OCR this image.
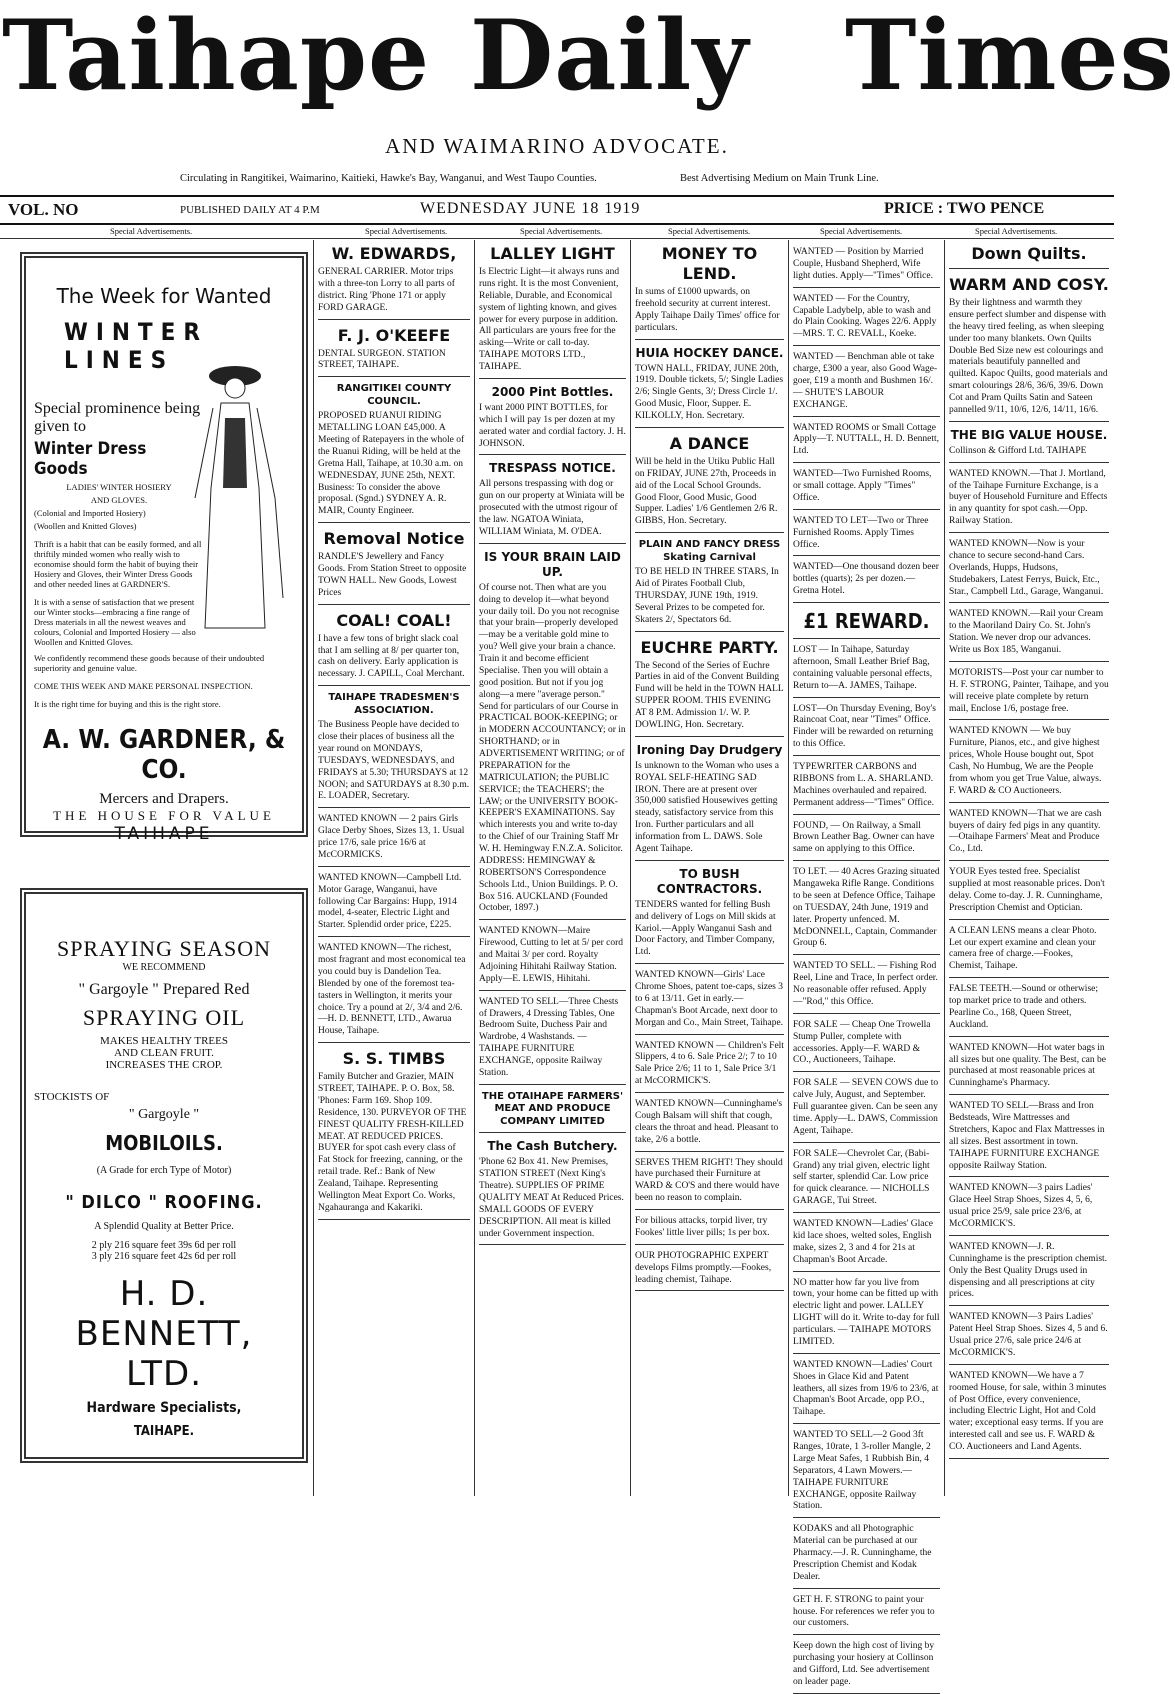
Taihape Daily Times
AND WAIMARINO ADVOCATE.
Circulating in Rangitikei, Waimarino, Kaitieki, Hawke's Bay, Wanganui, and West Taupo Counties.	Best Advertising Medium on Main Trunk Line.
VOL. NO	PUBLISHED DAILY AT 4 P.M	WEDNESDAY JUNE 18 1919	PRICE : TWO PENCE
Special Advertisements.	Special Advertisements.	Special Advertisements.	Special Advertisements.	Special Advertisements.	Special Advertisements.
The Week for Wanted
WINTER LINES

Special prominence being given to

Winter Dress Goods

LADIES' WINTER HOSIERY

AND GLOVES.

(Colonial and Imported Hosiery)

(Woollen and Knitted Gloves)

Thrift is a habit that can be easily formed, and all thriftily minded women who really wish to economise should form the habit of buying their Hosiery and Gloves, their Winter Dress Goods and other needed lines at GARDNER'S.

It is with a sense of satisfaction that we present our Winter stocks—embracing a fine range of Dress materials in all the newest weaves and colours, Colonial and Imported Hosiery — also Woollen and Knitted Gloves.

We confidently recommend these goods because of their undoubted superiority and genuine value.

COME THIS WEEK AND MAKE PERSONAL INSPECTION.

It is the right time for buying and this is the right store.

A. W. GARDNER, & CO.
Mercers and Drapers.
THE HOUSE FOR VALUE
TAIHAPE
SPRAYING SEASON
WE RECOMMEND
" Gargoyle " Prepared Red
SPRAYING OIL
MAKES HEALTHY TREES
AND CLEAN FRUIT.
INCREASES THE CROP.
STOCKISTS OF
" Gargoyle "
MOBILOILS.
(A Grade for erch Type of Motor)
" DILCO " ROOFING.
A Splendid Quality at Better Price.
2 ply 216 square feet 39s 6d per roll
3 ply 216 square feet 42s 6d per roll
H. D. BENNETT, LTD.
Hardware Specialists,
TAIHAPE.
W. EDWARDS,

GENERAL CARRIER. Motor trips with a three-ton Lorry to all parts of district. Ring 'Phone 171 or apply FORD GARAGE.

F. J. O'KEEFE

DENTAL SURGEON. STATION STREET, TAIHAPE.

RANGITIKEI COUNTY COUNCIL.

PROPOSED RUANUI RIDING METALLING LOAN £45,000. A Meeting of Ratepayers in the whole of the Ruanui Riding, will be held at the Gretna Hall, Taihape, at 10.30 a.m. on WEDNESDAY, JUNE 25th, NEXT. Business: To consider the above proposal. (Sgnd.) SYDNEY A. R. MAIR, County Engineer.

Removal Notice

RANDLE'S Jewellery and Fancy Goods. From Station Street to opposite TOWN HALL. New Goods, Lowest Prices

COAL! COAL!

I have a few tons of bright slack coal that I am selling at 8/ per quarter ton, cash on delivery. Early application is necessary. J. CAPILL, Coal Merchant.

TAIHAPE TRADESMEN'S ASSOCIATION.

The Business People have decided to close their places of business all the year round on MONDAYS, TUESDAYS, WEDNESDAYS, and FRIDAYS at 5.30; THURSDAYS at 12 NOON; and SATURDAYS at 8.30 p.m. E. LOADER, Secretary.

WANTED KNOWN — 2 pairs Girls Glace Derby Shoes, Sizes 13, 1. Usual price 17/6, sale price 16/6 at McCORMICKS.

WANTED KNOWN—Campbell Ltd. Motor Garage, Wanganui, have following Car Bargains: Hupp, 1914 model, 4-seater, Electric Light and Starter. Splendid order price, £225.

WANTED KNOWN—The richest, most fragrant and most economical tea you could buy is Dandelion Tea. Blended by one of the foremost tea-tasters in Wellington, it merits your choice. Try a pound at 2/, 3/4 and 2/6.—H. D. BENNETT, LTD., Awarua House, Taihape.

S. S. TIMBS

Family Butcher and Grazier, MAIN STREET, TAIHAPE. P. O. Box, 58. 'Phones: Farm 169. Shop 109. Residence, 130. PURVEYOR OF THE FINEST QUALITY FRESH-KILLED MEAT. AT REDUCED PRICES. BUYER for spot cash every class of Fat Stock for freezing, canning, or the retail trade. Ref.: Bank of New Zealand, Taihape. Representing Wellington Meat Export Co. Works, Ngahauranga and Kakariki.

LALLEY LIGHT

Is Electric Light—it always runs and runs right. It is the most Convenient, Reliable, Durable, and Economical system of lighting known, and gives power for every purpose in addition. All particulars are yours free for the asking—Write or call to-day. TAIHAPE MOTORS LTD., TAIHAPE.

2000 Pint Bottles.

I want 2000 PINT BOTTLES, for which I will pay 1s per dozen at my aerated water and cordial factory. J. H. JOHNSON.

TRESPASS NOTICE.

All persons trespassing with dog or gun on our property at Winiata will be prosecuted with the utmost rigour of the law. NGATOA Winiata, WILLIAM Winiata, M. O'DEA.

IS YOUR BRAIN LAID UP.

Of course not. Then what are you doing to develop it—what beyond your daily toil. Do you not recognise that your brain—properly developed—may be a veritable gold mine to you? Well give your brain a chance. Train it and become efficient Specialise. Then you will obtain a good position. But not if you jog along—a mere "average person." Send for particulars of our Course in PRACTICAL BOOK-KEEPING; or in MODERN ACCOUNTANCY; or in SHORTHAND; or in ADVERTISEMENT WRITING; or of PREPARATION for the MATRICULATION; the PUBLIC SERVICE; the TEACHERS'; the LAW; or the UNIVERSITY BOOK-KEEPER'S EXAMINATIONS. Say which interests you and write to-day to the Chief of our Training Staff Mr W. H. Hemingway F.N.Z.A. Solicitor. ADDRESS: HEMINGWAY & ROBERTSON'S Correspondence Schools Ltd., Union Buildings. P. O. Box 516. AUCKLAND (Founded October, 1897.)

WANTED KNOWN—Maire Firewood, Cutting to let at 5/ per cord and Maitai 3/ per cord. Royalty Adjoining Hihitahi Railway Station. Apply—E. LEWIS, Hihitahi.

WANTED TO SELL—Three Chests of Drawers, 4 Dressing Tables, One Bedroom Suite, Duchess Pair and Wardrobe, 4 Washstands. —TAIHAPE FURNITURE EXCHANGE, opposite Railway Station.

THE OTAIHAPE FARMERS' MEAT AND PRODUCE COMPANY LIMITED
The Cash Butchery.

'Phone 62 Box 41. New Premises, STATION STREET (Next King's Theatre). SUPPLIES OF PRIME QUALITY MEAT At Reduced Prices. SMALL GOODS OF EVERY DESCRIPTION. All meat is killed under Government inspection.

MONEY TO LEND.

In sums of £1000 upwards, on freehold security at current interest. Apply Taihape Daily Times' office for particulars.

HUIA HOCKEY DANCE.

TOWN HALL, FRIDAY, JUNE 20th, 1919. Double tickets, 5/; Single Ladies 2/6; Single Gents, 3/; Dress Circle 1/. Good Music, Floor, Supper. E. KILKOLLY, Hon. Secretary.

A DANCE

Will be held in the Utiku Public Hall on FRIDAY, JUNE 27th, Proceeds in aid of the Local School Grounds. Good Floor, Good Music, Good Supper. Ladies' 1/6 Gentlemen 2/6 R. GIBBS, Hon. Secretary.

PLAIN AND FANCY DRESS Skating Carnival

TO BE HELD IN THREE STARS, In Aid of Pirates Football Club, THURSDAY, JUNE 19th, 1919. Several Prizes to be competed for. Skaters 2/, Spectators 6d.

EUCHRE PARTY.

The Second of the Series of Euchre Parties in aid of the Convent Building Fund will be held in the TOWN HALL SUPPER ROOM. THIS EVENING AT 8 P.M. Admission 1/. W. P. DOWLING, Hon. Secretary.

Ironing Day Drudgery

Is unknown to the Woman who uses a ROYAL SELF-HEATING SAD IRON. There are at present over 350,000 satisfied Housewives getting steady, satisfactory service from this Iron. Further particulars and all information from L. DAWS. Sole Agent Taihape.

TO BUSH CONTRACTORS.

TENDERS wanted for felling Bush and delivery of Logs on Mill skids at Kariol.—Apply Wanganui Sash and Door Factory, and Timber Company, Ltd.

WANTED KNOWN—Girls' Lace Chrome Shoes, patent toe-caps, sizes 3 to 6 at 13/11. Get in early.—Chapman's Boot Arcade, next door to Morgan and Co., Main Street, Taihape.

WANTED KNOWN — Children's Felt Slippers, 4 to 6. Sale Price 2/; 7 to 10 Sale Price 2/6; 11 to 1, Sale Price 3/1 at McCORMICK'S.

WANTED KNOWN—Cunninghame's Cough Balsam will shift that cough, clears the throat and head. Pleasant to take, 2/6 a bottle.

SERVES THEM RIGHT! They should have purchased their Furniture at WARD & CO'S and there would have been no reason to complain.

For bilious attacks, torpid liver, try Fookes' little liver pills; 1s per box.

OUR PHOTOGRAPHIC EXPERT develops Films promptly.—Fookes, leading chemist, Taihape.

WANTED — Position by Married Couple, Husband Shepherd, Wife light duties. Apply—"Times" Office.

WANTED — For the Country, Capable Ladybelp, able to wash and do Plain Cooking. Wages 22/6. Apply—MRS. T. C. REVALL, Koeke.

WANTED — Benchman able ot take charge, £300 a year, also Good Wage-goer, £19 a month and Bushmen 16/. — SHUTE'S LABOUR EXCHANGE.

WANTED ROOMS or Small Cottage Apply—T. NUTTALL, H. D. Bennett, Ltd.

WANTED—Two Furnished Rooms, or small cottage. Apply "Times" Office.

WANTED TO LET—Two or Three Furnished Rooms. Apply Times Office.

WANTED—One thousand dozen beer bottles (quarts); 2s per dozen.—Gretna Hotel.

£1 REWARD.

LOST — In Taihape, Saturday afternoon, Small Leather Brief Bag, containing valuable personal effects, Return to—A. JAMES, Taihape.

LOST—On Thursday Evening, Boy's Raincoat Coat, near "Times" Office. Finder will be rewarded on returning to this Office.

TYPEWRITER CARBONS and RIBBONS from L. A. SHARLAND. Machines overhauled and repaired. Permanent address—"Times" Office.

FOUND, — On Railway, a Small Brown Leather Bag. Owner can have same on applying to this Office.

TO LET. — 40 Acres Grazing situated Mangaweka Rifle Range. Conditions to be seen at Defence Office, Taihape on TUESDAY, 24th June, 1919 and later. Property unfenced. M. McDONNELL, Captain, Commander Group 6.

WANTED TO SELL. — Fishing Rod Reel, Line and Trace, In perfect order. No reasonable offer refused. Apply—"Rod," this Office.

FOR SALE — Cheap One Trowella Stump Puller, complete with accessories. Apply—F. WARD & CO., Auctioneers, Taihape.

FOR SALE — SEVEN COWS due to calve July, August, and September. Full guarantee given. Can be seen any time. Apply—L. DAWS, Commission Agent, Taihape.

FOR SALE—Chevrolet Car, (Babi-Grand) any trial given, electric light self starter, splendid Car. Low price for quick clearance. — NICHOLLS GARAGE, Tui Street.

WANTED KNOWN—Ladies' Glace kid lace shoes, welted soles, English make, sizes 2, 3 and 4 for 21s at Chapman's Boot Arcade.

NO matter how far you live from town, your home can be fitted up with electric light and power. LALLEY LIGHT will do it. Write to-day for full particulars. — TAIHAPE MOTORS LIMITED.

WANTED KNOWN—Ladies' Court Shoes in Glace Kid and Patent leathers, all sizes from 19/6 to 23/6, at Chapman's Boot Arcade, opp P.O., Taihape.

WANTED TO SELL—2 Good 3ft Ranges, 10rate, 1 3-roller Mangle, 2 Large Meat Safes, 1 Rubbish Bin, 4 Separators, 4 Lawn Mowers.—TAIHAPE FURNITURE EXCHANGE, opposite Railway Station.

KODAKS and all Photographic Material can be purchased at our Pharmacy.—J. R. Cunninghame, the Prescription Chemist and Kodak Dealer.

GET H. F. STRONG to paint your house. For references we refer you to our customers.

Keep down the high cost of living by purchasing your hosiery at Collinson and Gifford, Ltd. See advertisement on leader page.

Down Quilts.
WARM AND COSY.

By their lightness and warmth they ensure perfect slumber and dispense with the heavy tired feeling, as when sleeping under too many blankets. Own Quilts Double Bed Size new est colourings and materials beautifuly pannelled and quilted. Kapoc Quilts, good materials and smart colourings 28/6, 36/6, 39/6. Down Cot and Pram Quilts Satin and Sateen pannelled 9/11, 10/6, 12/6, 14/11, 16/6.

THE BIG VALUE HOUSE.

Collinson & Gifford Ltd. TAIHAPE

WANTED KNOWN.—That J. Mortland, of the Taihape Furniture Exchange, is a buyer of Household Furniture and Effects in any quantity for spot cash.—Opp. Railway Station.

WANTED KNOWN—Now is your chance to secure second-hand Cars. Overlands, Hupps, Hudsons, Studebakers, Latest Ferrys, Buick, Etc., Star., Campbell Ltd., Garage, Wanganui.

WANTED KNOWN.—Rail your Cream to the Maoriland Dairy Co. St. John's Station. We never drop our advances. Write us Box 185, Wanganui.

MOTORISTS—Post your car number to H. F. STRONG, Painter, Taihape, and you will receive plate complete by return mail, Enclose 1/6, postage free.

WANTED KNOWN — We buy Furniture, Pianos, etc., and give highest prices, Whole House bought out, Spot Cash, No Humbug, We are the People from whom you get True Value, always. F. WARD & CO Auctioneers.

WANTED KNOWN—That we are cash buyers of dairy fed pigs in any quantity.—Otaihape Farmers' Meat and Produce Co., Ltd.

YOUR Eyes tested free. Specialist supplied at most reasonable prices. Don't delay. Come to-day. J. R. Cunninghame, Prescription Chemist and Optician.

A CLEAN LENS means a clear Photo. Let our expert examine and clean your camera free of charge.—Fookes, Chemist, Taihape.

FALSE TEETH.—Sound or otherwise; top market price to trade and others. Pearline Co., 168, Queen Street, Auckland.

WANTED KNOWN—Hot water bags in all sizes but one quality. The Best, can be purchased at most reasonable prices at Cunninghame's Pharmacy.

WANTED TO SELL—Brass and Iron Bedsteads, Wire Mattresses and Stretchers, Kapoc and Flax Mattresses in all sizes. Best assortment in town. TAIHAPE FURNITURE EXCHANGE opposite Railway Station.

WANTED KNOWN—3 pairs Ladies' Glace Heel Strap Shoes, Sizes 4, 5, 6, usual price 25/9, sale price 23/6, at McCORMICK'S.

WANTED KNOWN—J. R. Cunninghame is the prescription chemist. Only the Best Quality Drugs used in dispensing and all prescriptions at city prices.

WANTED KNOWN—3 Pairs Ladies' Patent Heel Strap Shoes. Sizes 4, 5 and 6. Usual price 27/6, sale price 24/6 at McCORMICK'S.

WANTED KNOWN—We have a 7 roomed House, for sale, within 3 minutes of Post Office, every convenience, including Electric Light, Hot and Cold water; exceptional easy terms. If you are interested call and see us. F. WARD & CO. Auctioneers and Land Agents.
